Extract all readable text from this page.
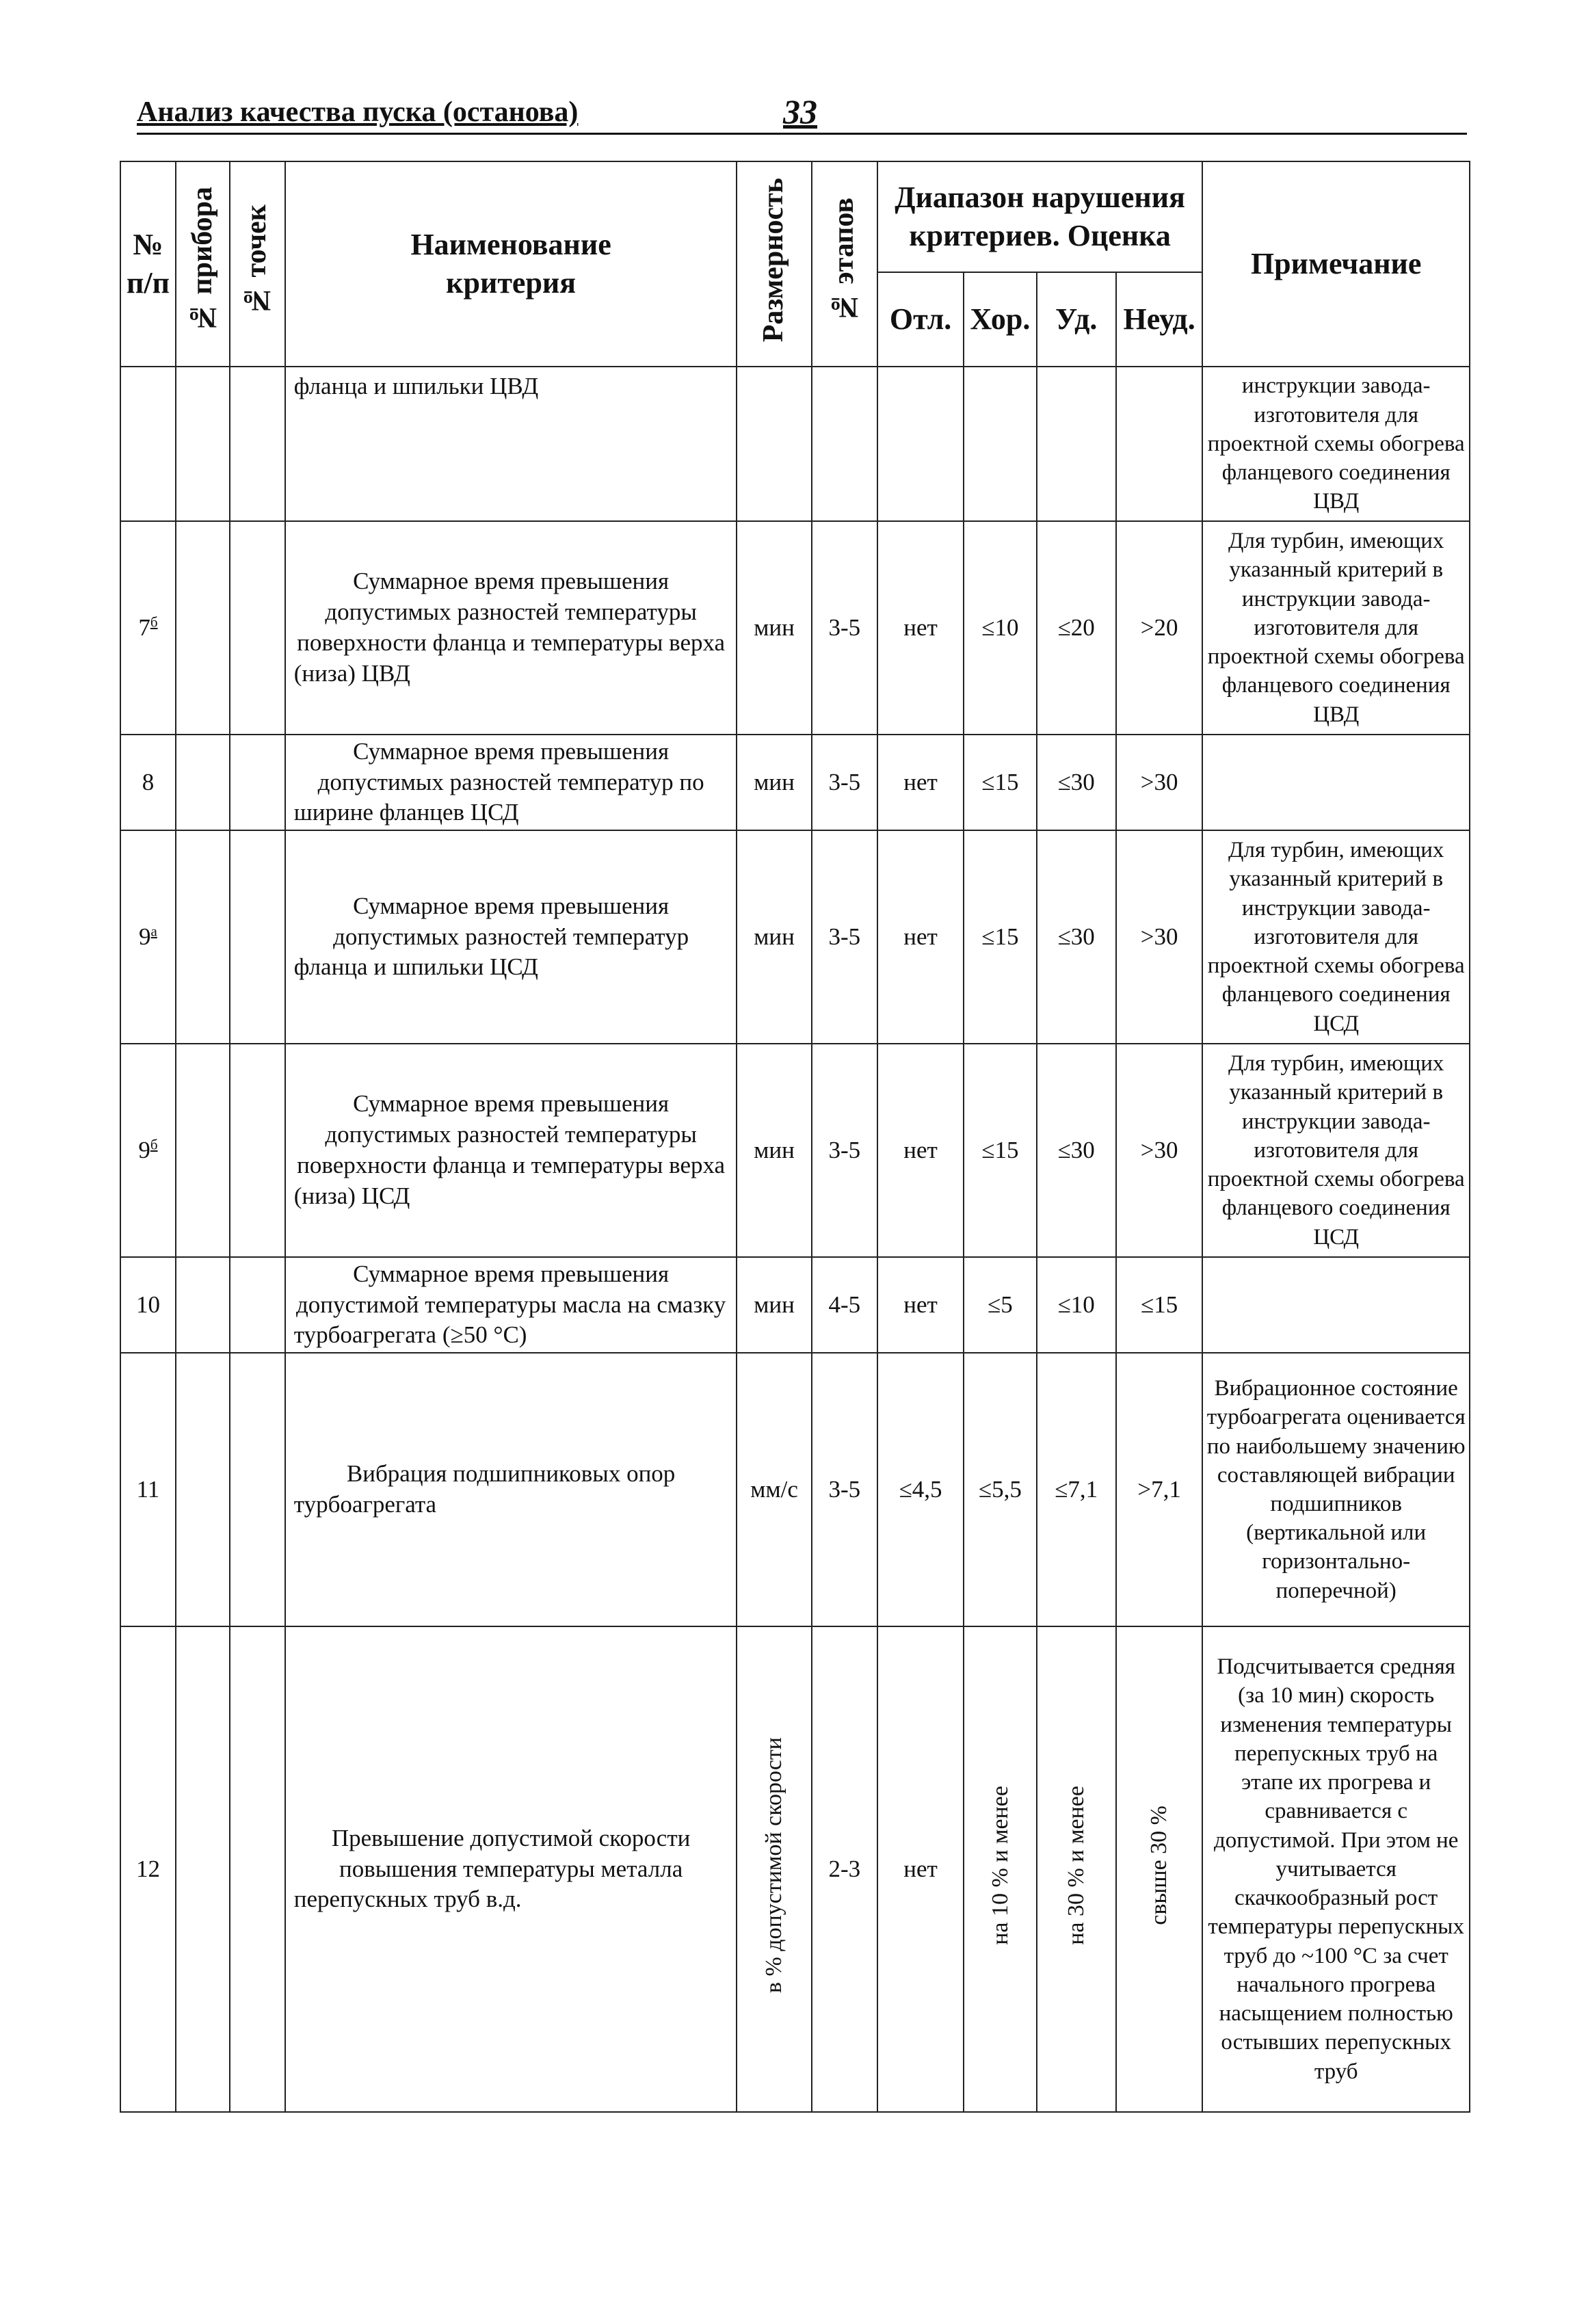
Анализ качества пуска (останова)	33
№ п/п	№ прибора	№ точек	Наименование критерия	Размерность	№ этапов	Диапазон нарушения критериев. Оценка				Примечание
						Отл.	Хор.	Уд.	Неуд.	
			фланца и шпильки ЦВД							инструкции завода-изготовителя для проектной схемы обогрева фланцевого соединения ЦВД
$7^б$			Суммарное время превышения допустимых разностей температуры поверхности фланца и температуры верха (низа) ЦВД	мин	3-5	нет	≤10	≤20	>20	Для турбин, имеющих указанный критерий в инструкции завода-изготовителя для проектной схемы обогрева фланцевого соединения ЦВД
8			Суммарное время превышения допустимых разностей температур по ширине фланцев ЦСД	мин	3-5	нет	≤15	≤30	>30	
$9^а$			Суммарное время превышения допустимых разностей температур фланца и шпильки ЦСД	мин	3-5	нет	≤15	≤30	>30	Для турбин, имеющих указанный критерий в инструкции завода-изготовителя для проектной схемы обогрева фланцевого соединения ЦСД
$9^б$			Суммарное время превышения допустимых разностей температуры поверхности фланца и температуры верха (низа) ЦСД	мин	3-5	нет	≤15	≤30	>30	Для турбин, имеющих указанный критерий в инструкции завода-изготовителя для проектной схемы обогрева фланцевого соединения ЦСД
10			Суммарное время превышения допустимой температуры масла на смазку турбоагрегата (≥50 °С)	мин	4-5	нет	≤5	≤10	≤15	
11			Вибрация подшипниковых опор турбоагрегата	мм/с	3-5	≤4,5	≤5,5	≤7,1	>7,1	Вибрационное состояние турбоагрегата оценивается по наибольшему значению составляющей вибрации подшипников (вертикальной или горизонтально-поперечной)
12			Превышение допустимой скорости повышения температуры металла перепускных труб в.д.	в % допустимой скорости	2-3	нет	на 10 % и менее	на 30 % и менее	свыше 30 %	Подсчитывается средняя (за 10 мин) скорость изменения температуры перепускных труб на этапе их прогрева и сравнивается с допустимой. При этом не учитывается скачкообразный рост температуры перепускных труб до ~100 °С за счет начального прогрева насыщением полностью остывших перепускных труб
